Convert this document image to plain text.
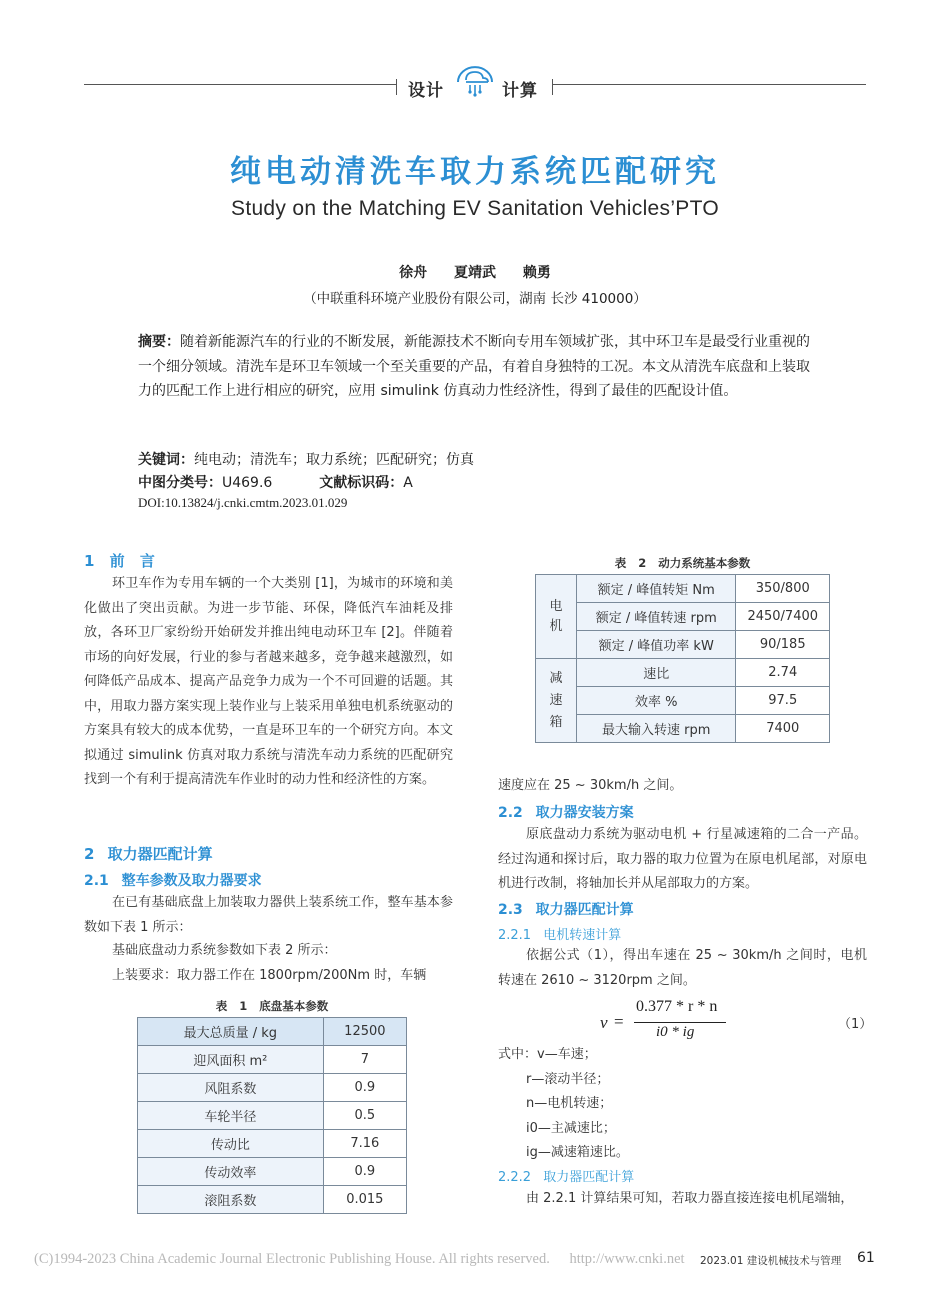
设计	计算
纯电动清洗车取力系统匹配研究
Study on the Matching EV Sanitation Vehicles’PTO
徐舟 夏靖武 赖勇
（中联重科环境产业股份有限公司，湖南 长沙 410000）
摘要：随着新能源汽车的行业的不断发展，新能源技术不断向专用车领域扩张，其中环卫车是最受行业重视的一个细分领域。清洗车是环卫车领域一个至关重要的产品，有着自身独特的工况。本文从清洗车底盘和上装取力的匹配工作上进行相应的研究，应用 simulink 仿真动力性经济性，得到了最佳的匹配设计值。
关键词：纯电动；清洗车；取力系统；匹配研究；仿真
中图分类号：U469.6	文献标识码：A
DOI:10.13824/j.cnki.cmtm.2023.01.029
1 前 言
环卫车作为专用车辆的一个大类别 [1]，为城市的环境和美化做出了突出贡献。为进一步节能、环保，降低汽车油耗及排放，各环卫厂家纷纷开始研发并推出纯电动环卫车 [2]。伴随着市场的向好发展，行业的参与者越来越多，竞争越来越激烈，如何降低产品成本、提高产品竞争力成为一个不可回避的话题。其中，用取力器方案实现上装作业与上装采用单独电机系统驱动的方案具有较大的成本优势，一直是环卫车的一个研究方向。本文拟通过 simulink 仿真对取力系统与清洗车动力系统的匹配研究找到一个有利于提高清洗车作业时的动力性和经济性的方案。
2 取力器匹配计算
2.1 整车参数及取力器要求
在已有基础底盘上加装取力器供上装系统工作，整车基本参数如下表 1 所示：
基础底盘动力系统参数如下表 2 所示：
上装要求：取力器工作在 1800rpm/200Nm 时，车辆
表 1 底盘基本参数
最大总质量 / kg	12500
迎风面积 m²	7
风阻系数	0.9
车轮半径	0.5
传动比	7.16
传动效率	0.9
滚阻系数	0.015
表 2 动力系统基本参数
电机	额定 / 峰值转矩 Nm	350/800
	额定 / 峰值转速 rpm	2450/7400
	额定 / 峰值功率 kW	90/185

减速箱	速比	2.74
	效率 %	97.5
	最大输入转速 rpm	7400
速度应在 25 ~ 30km/h 之间。
2.2 取力器安装方案
原底盘动力系统为驱动电机 + 行星减速箱的二合一产品。经过沟通和探讨后，取力器的取力位置为在原电机尾部，对原电机进行改制，将轴加长并从尾部取力的方案。
2.3 取力器匹配计算
2.2.1 电机转速计算
依据公式（1），得出车速在 25 ~ 30km/h 之间时，电机转速在 2610 ~ 3120rpm 之间。
v =
0.377 * r * n
i0 * ig	（1）
式中：v—车速；
r—滚动半径；
n—电机转速；
i0—主减速比；
ig—减速箱速比。
2.2.2 取力器匹配计算
由 2.2.1 计算结果可知，若取力器直接连接电机尾端轴，
(C)1994-2023 China Academic Journal Electronic Publishing House. All rights reserved. http://www.cnki.net 2023.01 建设机械技术与管理 61
